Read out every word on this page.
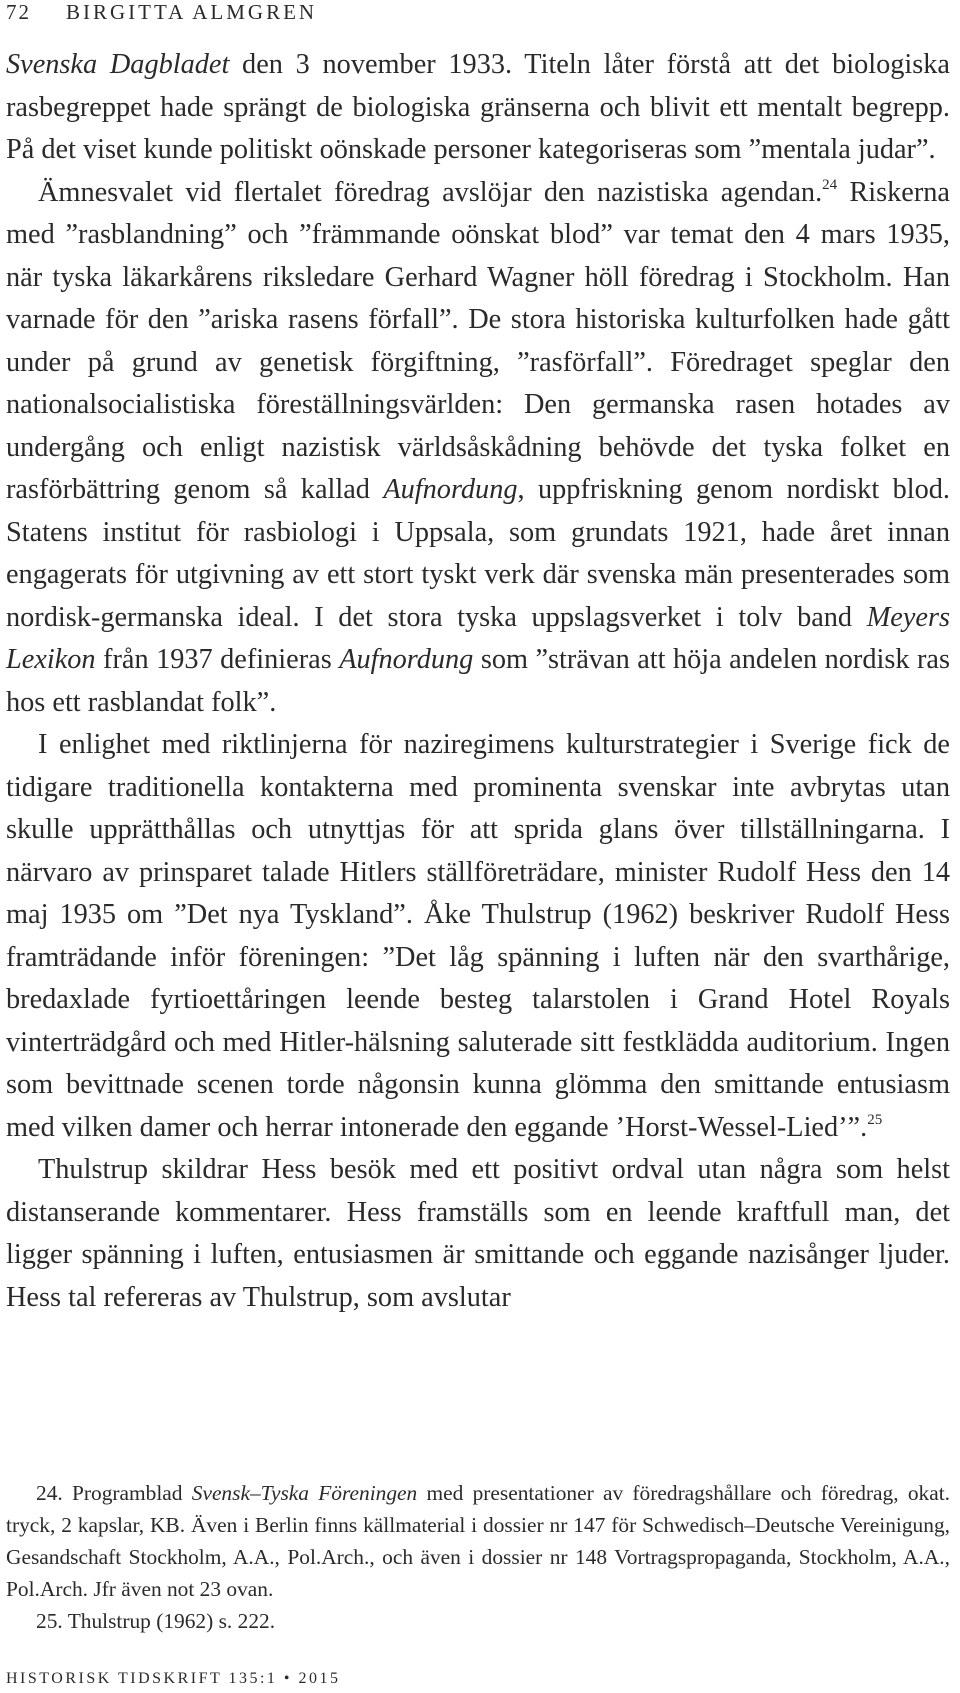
72 BIRGITTA ALMGREN

Svenska Dagbladet den 3 november 1933. Titeln låter förstå att det biologiska rasbegreppet hade sprängt de biologiska gränserna och blivit ett mentalt begrepp. På det viset kunde politiskt oönskade personer kategoriseras som ”mentala judar”.

Ämnesvalet vid flertalet föredrag avslöjar den nazistiska agendan.$^{24}$ Riskerna med ”rasblandning” och ”främmande oönskat blod” var temat den 4 mars 1935, när tyska läkarkårens riksledare Gerhard Wagner höll föredrag i Stockholm. Han varnade för den ”ariska rasens förfall”. De stora historiska kulturfolken hade gått under på grund av genetisk förgiftning, ”rasförfall”. Föredraget speglar den nationalsocialistiska föreställningsvärlden: Den germanska rasen hotades av undergång och enligt nazistisk världsåskådning behövde det tyska folket en rasförbättring genom så kallad Aufnordung, uppfriskning genom nordiskt blod. Statens institut för rasbiologi i Uppsala, som grundats 1921, hade året innan engagerats för utgivning av ett stort tyskt verk där svenska män presenterades som nordisk-germanska ideal. I det stora tyska uppslagsverket i tolv band Meyers Lexikon från 1937 definieras Aufnordung som ”strävan att höja andelen nordisk ras hos ett rasblandat folk”.

I enlighet med riktlinjerna för naziregimens kulturstrategier i Sverige fick de tidigare traditionella kontakterna med prominenta svenskar inte avbrytas utan skulle upprätthållas och utnyttjas för att sprida glans över tillställningarna. I närvaro av prinsparet talade Hitlers ställföreträdare, minister Rudolf Hess den 14 maj 1935 om ”Det nya Tyskland”. Åke Thulstrup (1962) beskriver Rudolf Hess framträdande inför föreningen: ”Det låg spänning i luften när den svarthårige, bredaxlade fyrtioettåringen leende besteg talarstolen i Grand Hotel Royals vinterträdgård och med Hitler-hälsning saluterade sitt festklädda auditorium. Ingen som bevittnade scenen torde någonsin kunna glömma den smittande entusiasm med vilken damer och herrar intonerade den eggande ’Horst-Wessel-Lied’”.$^{25}$

Thulstrup skildrar Hess besök med ett positivt ordval utan några som helst distanserande kommentarer. Hess framställs som en leende kraftfull man, det ligger spänning i luften, entusiasmen är smittande och eggande nazisånger ljuder. Hess tal refereras av Thulstrup, som avslutar

24. Programblad Svensk–Tyska Föreningen med presentationer av föredragshållare och föredrag, okat. tryck, 2 kapslar, KB. Även i Berlin finns källmaterial i dossier nr 147 för Schwedisch–Deutsche Vereinigung, Gesandschaft Stockholm, A.A., Pol.Arch., och även i dossier nr 148 Vortragspropaganda, Stockholm, A.A., Pol.Arch. Jfr även not 23 ovan.

25. Thulstrup (1962) s. 222.

HISTORISK TIDSKRIFT 135:1 • 2015
